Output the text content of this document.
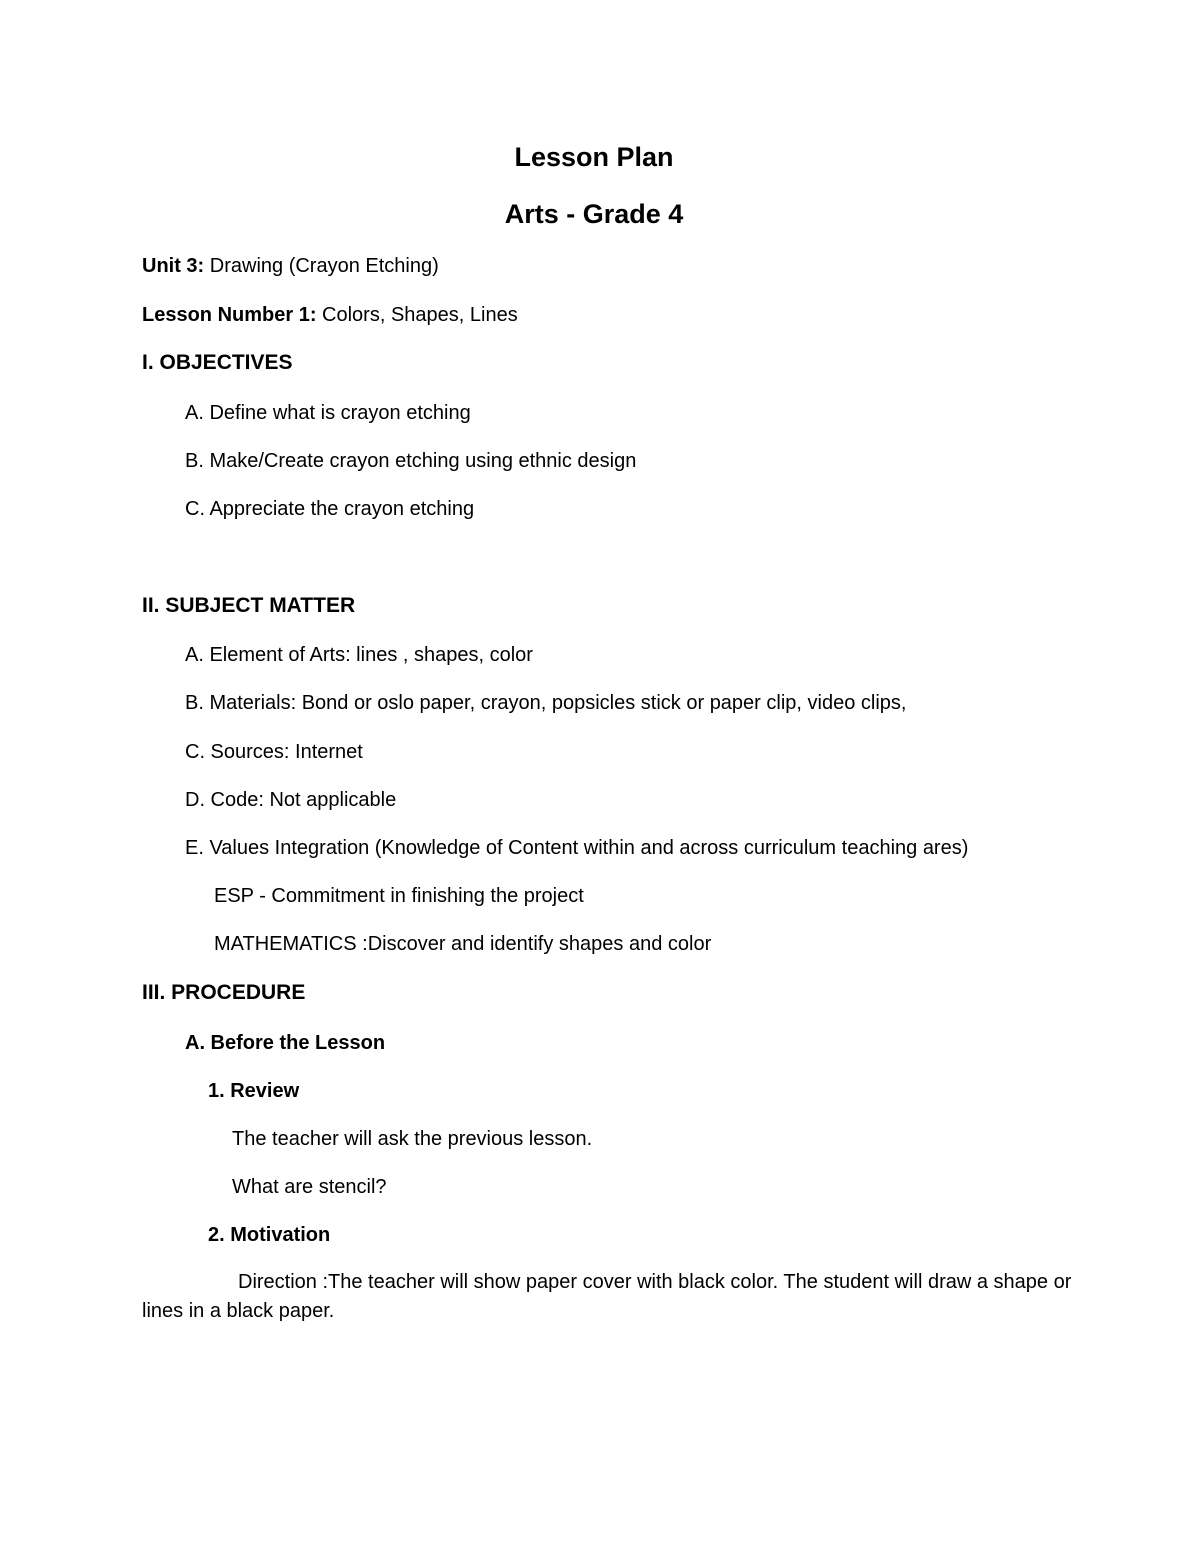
Lesson Plan
Arts - Grade 4
Unit 3: Drawing (Crayon Etching)
Lesson Number 1: Colors, Shapes, Lines
I. OBJECTIVES
A. Define what is crayon etching
B. Make/Create crayon etching using ethnic design
C. Appreciate the crayon etching
II. SUBJECT MATTER
A. Element of Arts: lines , shapes, color
B. Materials: Bond or oslo paper, crayon, popsicles stick or paper clip, video clips,
C. Sources: Internet
D. Code: Not applicable
E. Values Integration (Knowledge of Content within and across curriculum teaching ares)
ESP - Commitment in finishing the project
MATHEMATICS :Discover and identify shapes and color
III. PROCEDURE
A. Before the Lesson
1. Review
The teacher will ask the previous lesson.
What are stencil?
2. Motivation
Direction :The teacher will show paper cover with black color. The student will draw a shape or lines in a black paper.
